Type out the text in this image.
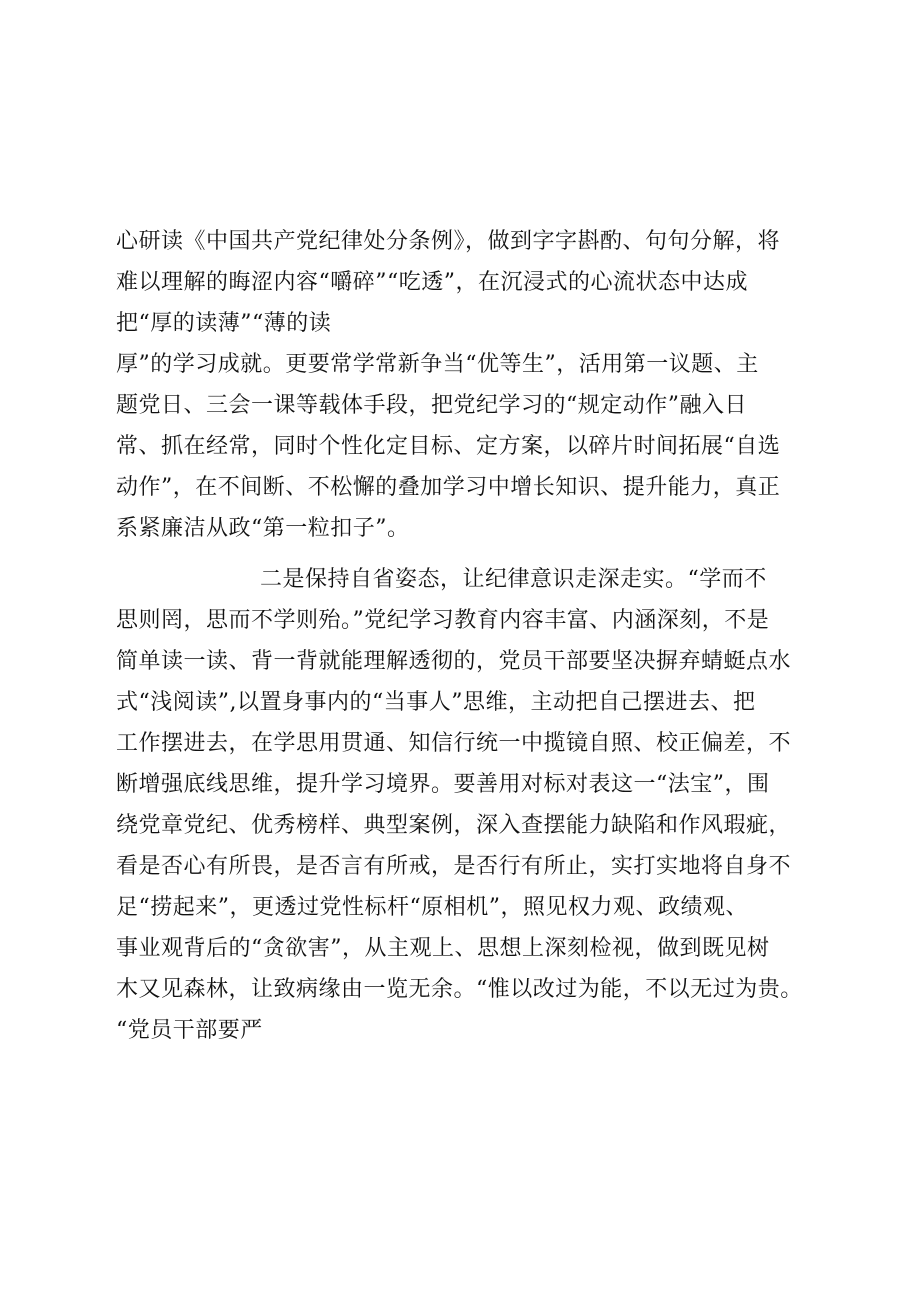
心研读《中国共产党纪律处分条例》，做到字字斟酌、句句分解，将
难以理解的晦涩内容“嚼碎”“吃透”，在沉浸式的心流状态中达成
把“厚的读薄”“薄的读
厚”的学习成就。更要常学常新争当“优等生”，活用第一议题、主
题党日、三会一课等载体手段，把党纪学习的“规定动作”融入日
常、抓在经常，同时个性化定目标、定方案，以碎片时间拓展“自选
动作”，在不间断、不松懈的叠加学习中增长知识、提升能力，真正
系紧廉洁从政“第一粒扣子”。
二是保持自省姿态，让纪律意识走深走实。“学而不
思则罔，思而不学则殆。”党纪学习教育内容丰富、内涵深刻，不是
简单读一读、背一背就能理解透彻的，党员干部要坚决摒弃蜻蜓点水
式“浅阅读”,以置身事内的“当事人”思维，主动把自己摆进去、把
工作摆进去，在学思用贯通、知信行统一中揽镜自照、校正偏差，不
断增强底线思维，提升学习境界。要善用对标对表这一“法宝”，围
绕党章党纪、优秀榜样、典型案例，深入查摆能力缺陷和作风瑕疵，
看是否心有所畏，是否言有所戒，是否行有所止，实打实地将自身不
足“捞起来”，更透过党性标杆“原相机”，照见权力观、政绩观、
事业观背后的“贪欲害”，从主观上、思想上深刻检视，做到既见树
木又见森林，让致病缘由一览无余。“惟以改过为能，不以无过为贵。
“党员干部要严
